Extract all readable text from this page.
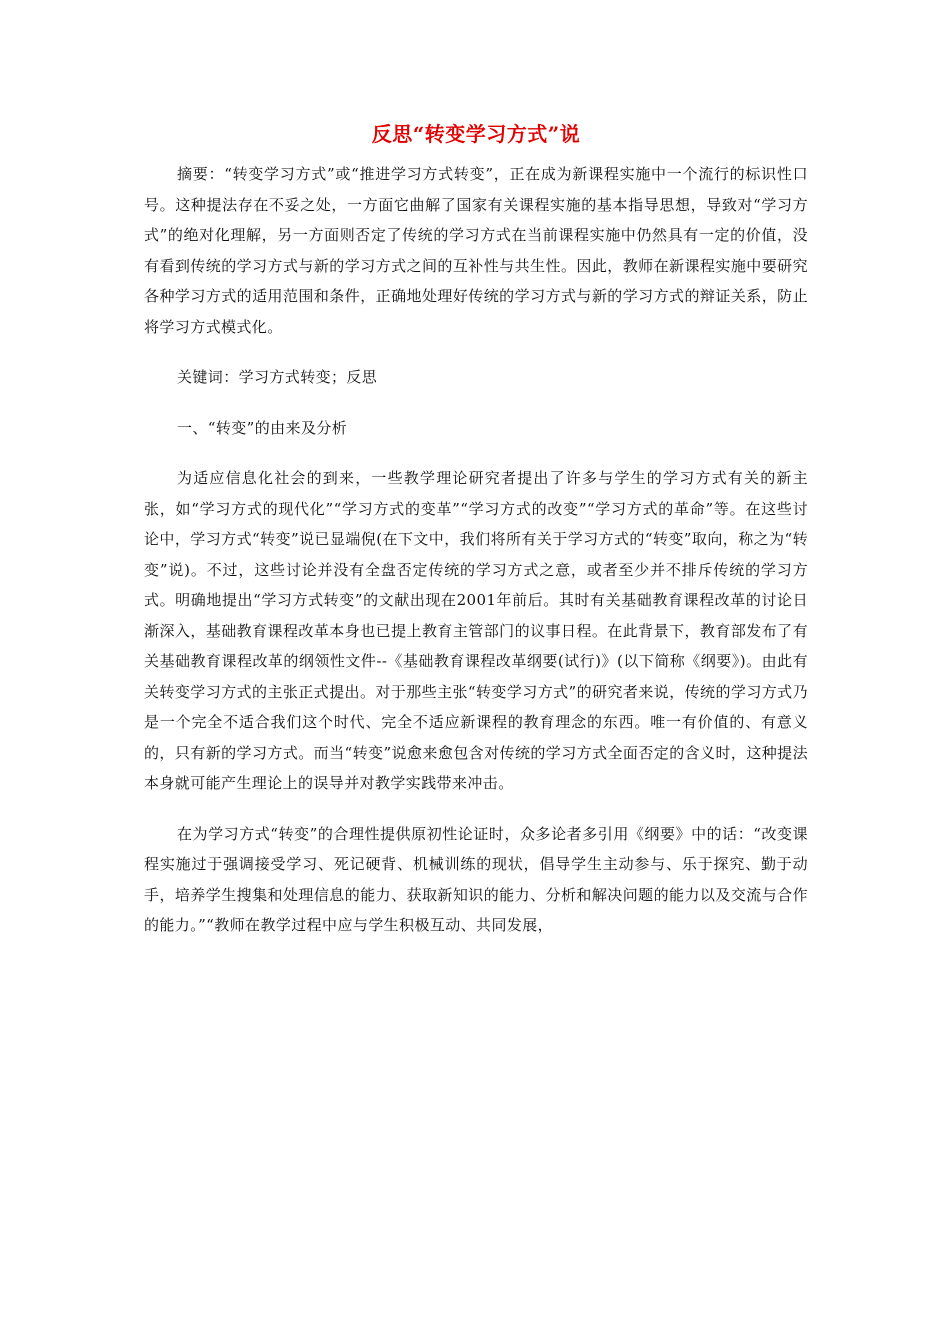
反思“转变学习方式”说

摘要：“转变学习方式”或“推进学习方式转变”，正在成为新课程实施中一个流行的标识性口号。这种提法存在不妥之处，一方面它曲解了国家有关课程实施的基本指导思想，导致对“学习方式”的绝对化理解，另一方面则否定了传统的学习方式在当前课程实施中仍然具有一定的价值，没有看到传统的学习方式与新的学习方式之间的互补性与共生性。因此，教师在新课程实施中要研究各种学习方式的适用范围和条件，正确地处理好传统的学习方式与新的学习方式的辩证关系，防止将学习方式模式化。

关键词：学习方式转变；反思

一、“转变”的由来及分析

为适应信息化社会的到来，一些教学理论研究者提出了许多与学生的学习方式有关的新主张，如“学习方式的现代化”“学习方式的变革”“学习方式的改变”“学习方式的革命”等。在这些讨论中，学习方式“转变”说已显端倪(在下文中，我们将所有关于学习方式的“转变”取向，称之为“转变”说)。不过，这些讨论并没有全盘否定传统的学习方式之意，或者至少并不排斥传统的学习方式。明确地提出“学习方式转变”的文献出现在2001年前后。其时有关基础教育课程改革的讨论日渐深入，基础教育课程改革本身也已提上教育主管部门的议事日程。在此背景下，教育部发布了有关基础教育课程改革的纲领性文件--《基础教育课程改革纲要(试行)》(以下简称《纲要》)。由此有关转变学习方式的主张正式提出。对于那些主张“转变学习方式”的研究者来说，传统的学习方式乃是一个完全不适合我们这个时代、完全不适应新课程的教育理念的东西。唯一有价值的、有意义的，只有新的学习方式。而当“转变”说愈来愈包含对传统的学习方式全面否定的含义时，这种提法本身就可能产生理论上的误导并对教学实践带来冲击。

在为学习方式“转变”的合理性提供原初性论证时，众多论者多引用《纲要》中的话：“改变课程实施过于强调接受学习、死记硬背、机械训练的现状，倡导学生主动参与、乐于探究、勤于动手，培养学生搜集和处理信息的能力、获取新知识的能力、分析和解决问题的能力以及交流与合作的能力。”“教师在教学过程中应与学生积极互动、共同发展，
